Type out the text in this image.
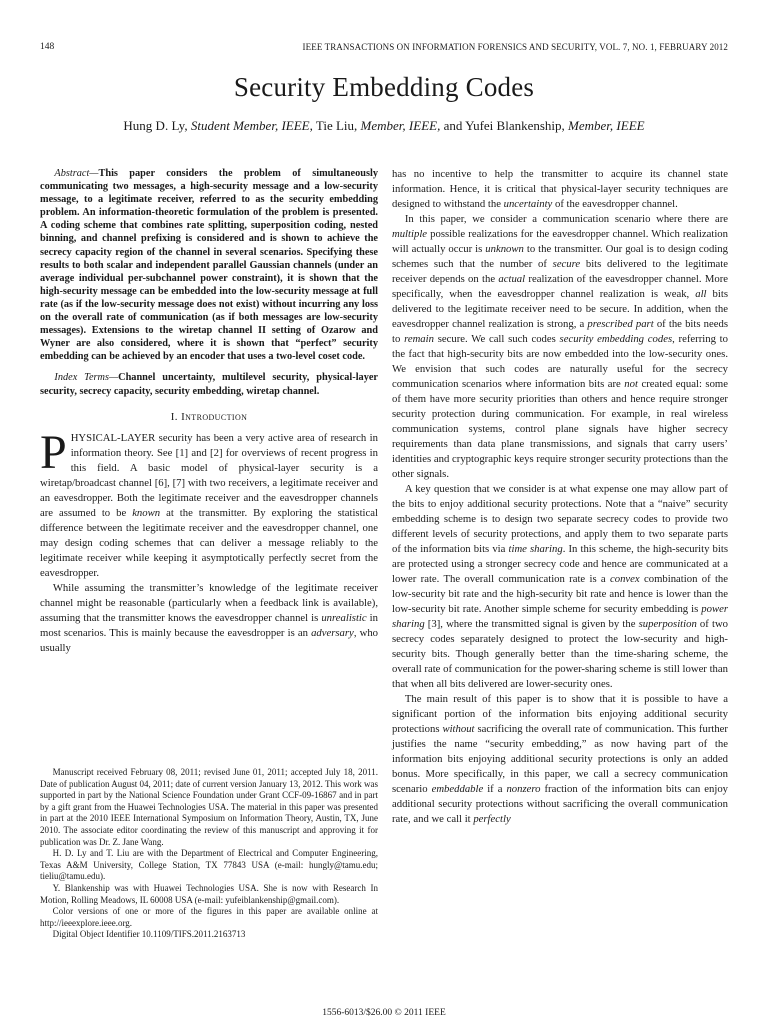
148	IEEE TRANSACTIONS ON INFORMATION FORENSICS AND SECURITY, VOL. 7, NO. 1, FEBRUARY 2012
Security Embedding Codes
Hung D. Ly, Student Member, IEEE, Tie Liu, Member, IEEE, and Yufei Blankenship, Member, IEEE

Abstract—This paper considers the problem of simultaneously communicating two messages, a high-security message and a low-security message, to a legitimate receiver, referred to as the security embedding problem. An information-theoretic formulation of the problem is presented. A coding scheme that combines rate splitting, superposition coding, nested binning, and channel prefixing is considered and is shown to achieve the secrecy capacity region of the channel in several scenarios. Specifying these results to both scalar and independent parallel Gaussian channels (under an average individual per-subchannel power constraint), it is shown that the high-security message can be embedded into the low-security message at full rate (as if the low-security message does not exist) without incurring any loss on the overall rate of communication (as if both messages are low-security messages). Extensions to the wiretap channel II setting of Ozarow and Wyner are also considered, where it is shown that “perfect” security embedding can be achieved by an encoder that uses a two-level coset code.

Index Terms—Channel uncertainty, multilevel security, physical-layer security, secrecy capacity, security embedding, wiretap channel.

I. Introduction

PHYSICAL-LAYER security has been a very active area of research in information theory. See [1] and [2] for overviews of recent progress in this field. A basic model of physical-layer security is a wiretap/broadcast channel [6], [7] with two receivers, a legitimate receiver and an eavesdropper. Both the legitimate receiver and the eavesdropper channels are assumed to be known at the transmitter. By exploring the statistical difference between the legitimate receiver and the eavesdropper channel, one may design coding schemes that can deliver a message reliably to the legitimate receiver while keeping it asymptotically perfectly secret from the eavesdropper.

While assuming the transmitter’s knowledge of the legitimate receiver channel might be reasonable (particularly when a feedback link is available), assuming that the transmitter knows the eavesdropper channel is unrealistic in most scenarios. This is mainly because the eavesdropper is an adversary, who usually

Manuscript received February 08, 2011; revised June 01, 2011; accepted July 18, 2011. Date of publication August 04, 2011; date of current version January 13, 2012. This work was supported in part by the National Science Foundation under Grant CCF-09-16867 and in part by a gift grant from the Huawei Technologies USA. The material in this paper was presented in part at the 2010 IEEE International Symposium on Information Theory, Austin, TX, June 2010. The associate editor coordinating the review of this manuscript and approving it for publication was Dr. Z. Jane Wang.

H. D. Ly and T. Liu are with the Department of Electrical and Computer Engineering, Texas A&M University, College Station, TX 77843 USA (e-mail: hungly@tamu.edu; tieliu@tamu.edu).

Y. Blankenship was with Huawei Technologies USA. She is now with Research In Motion, Rolling Meadows, IL 60008 USA (e-mail: yufeiblankenship@gmail.com).

Color versions of one or more of the figures in this paper are available online at http://ieeexplore.ieee.org.

Digital Object Identifier 10.1109/TIFS.2011.2163713

has no incentive to help the transmitter to acquire its channel state information. Hence, it is critical that physical-layer security techniques are designed to withstand the uncertainty of the eavesdropper channel.

In this paper, we consider a communication scenario where there are multiple possible realizations for the eavesdropper channel. Which realization will actually occur is unknown to the transmitter. Our goal is to design coding schemes such that the number of secure bits delivered to the legitimate receiver depends on the actual realization of the eavesdropper channel. More specifically, when the eavesdropper channel realization is weak, all bits delivered to the legitimate receiver need to be secure. In addition, when the eavesdropper channel realization is strong, a prescribed part of the bits needs to remain secure. We call such codes security embedding codes, referring to the fact that high-security bits are now embedded into the low-security ones. We envision that such codes are naturally useful for the secrecy communication scenarios where information bits are not created equal: some of them have more security priorities than others and hence require stronger security protection during communication. For example, in real wireless communication systems, control plane signals have higher secrecy requirements than data plane transmissions, and signals that carry users’ identities and cryptographic keys require stronger security protections than the other signals.

A key question that we consider is at what expense one may allow part of the bits to enjoy additional security protections. Note that a “naive” security embedding scheme is to design two separate secrecy codes to provide two different levels of security protections, and apply them to two separate parts of the information bits via time sharing. In this scheme, the high-security bits are protected using a stronger secrecy code and hence are communicated at a lower rate. The overall communication rate is a convex combination of the low-security bit rate and the high-security bit rate and hence is lower than the low-security bit rate. Another simple scheme for security embedding is power sharing [3], where the transmitted signal is given by the superposition of two secrecy codes separately designed to protect the low-security and high-security bits. Though generally better than the time-sharing scheme, the overall rate of communication for the power-sharing scheme is still lower than that when all bits delivered are lower-security ones.

The main result of this paper is to show that it is possible to have a significant portion of the information bits enjoying additional security protections without sacrificing the overall rate of communication. This further justifies the name “security embedding,” as now having part of the information bits enjoying additional security protections is only an added bonus. More specifically, in this paper, we call a secrecy communication scenario embeddable if a nonzero fraction of the information bits can enjoy additional security protections without sacrificing the overall communication rate, and we call it perfectly

1556-6013/$26.00 © 2011 IEEE
